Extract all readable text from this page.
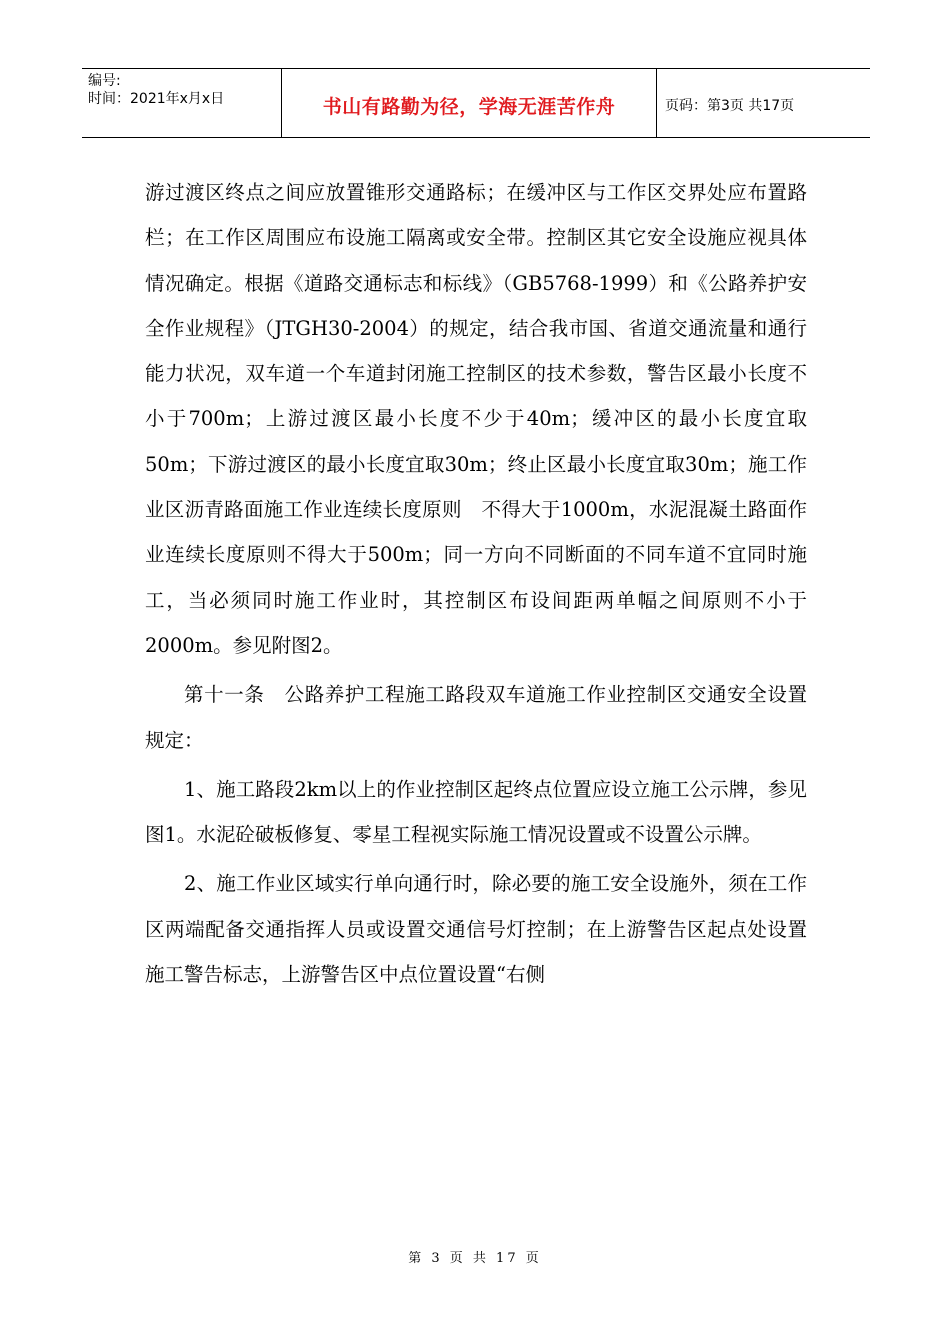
编号:
时间：2021年x月x日	书山有路勤为径，学海无涯苦作舟	页码：第3页 共17页

游过渡区终点之间应放置锥形交通路标；在缓冲区与工作区交界处应布置路栏；在工作区周围应布设施工隔离或安全带。控制区其它安全设施应视具体情况确定。根据《道路交通标志和标线》（GB5768-1999）和《公路养护安全作业规程》（JTGH30-2004）的规定，结合我市国、省道交通流量和通行能力状况，双车道一个车道封闭施工控制区的技术参数，警告区最小长度不小于700m；上游过渡区最小长度不少于40m；缓冲区的最小长度宜取50m；下游过渡区的最小长度宜取30m；终止区最小长度宜取30m；施工作业区沥青路面施工作业连续长度原则　不得大于1000m，水泥混凝土路面作业连续长度原则不得大于500m；同一方向不同断面的不同车道不宜同时施工，当必须同时施工作业时，其控制区布设间距两单幅之间原则不小于2000m。参见附图2。

第十一条　公路养护工程施工路段双车道施工作业控制区交通安全设置规定：

1、施工路段2km以上的作业控制区起终点位置应设立施工公示牌，参见图1。水泥砼破板修复、零星工程视实际施工情况设置或不设置公示牌。

2、施工作业区域实行单向通行时，除必要的施工安全设施外，须在工作区两端配备交通指挥人员或设置交通信号灯控制；在上游警告区起点处设置施工警告标志，上游警告区中点位置设置“右侧

第 3 页 共 17 页
